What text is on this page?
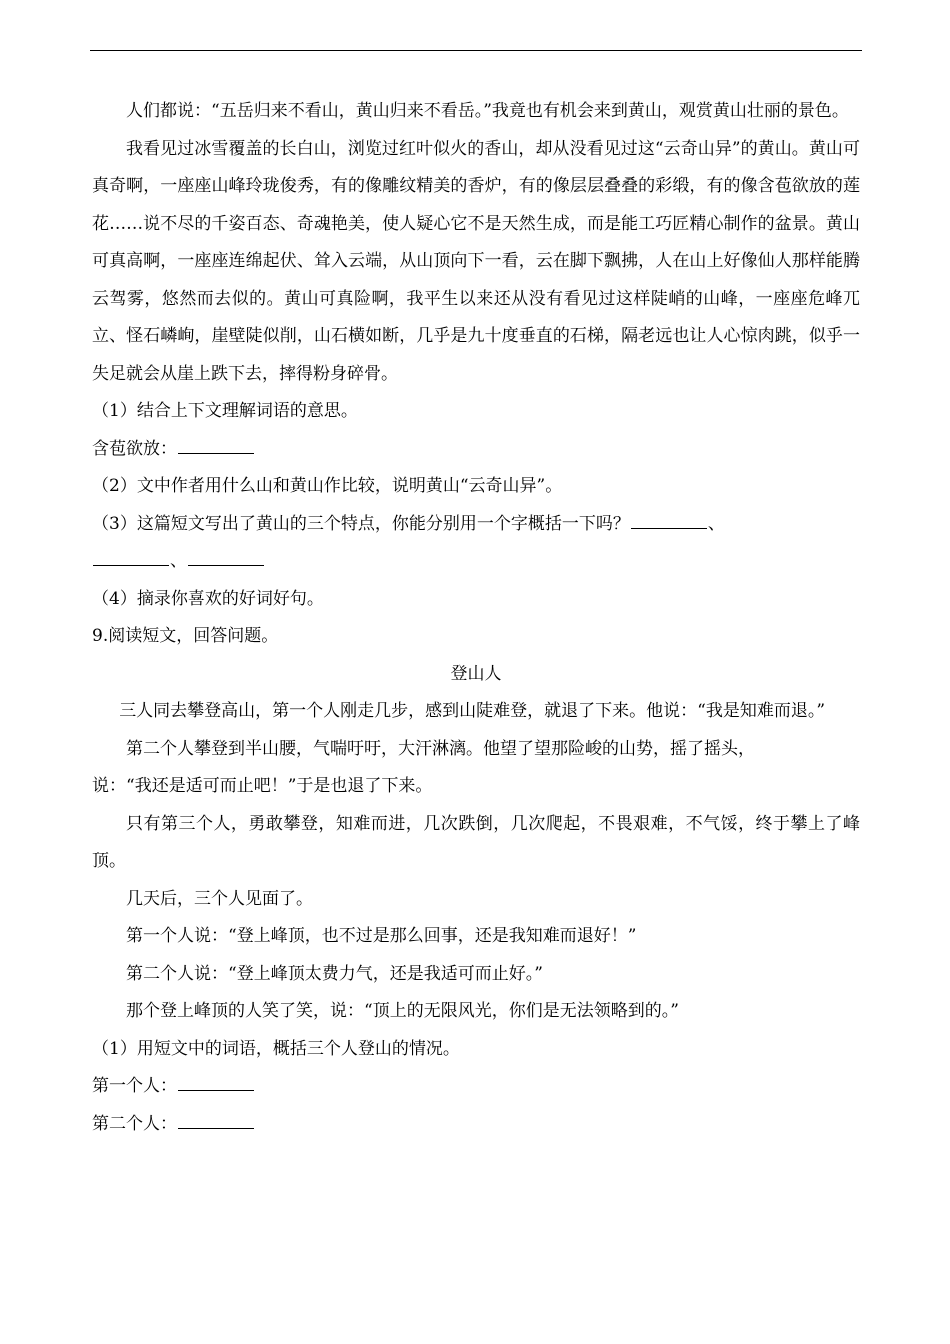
人们都说：“五岳归来不看山，黄山归来不看岳。”我竟也有机会来到黄山，观赏黄山壮丽的景色。

我看见过冰雪覆盖的长白山，浏览过红叶似火的香山，却从没看见过这“云奇山异”的黄山。黄山可真奇啊，一座座山峰玲珑俊秀，有的像雕纹精美的香炉，有的像层层叠叠的彩缎，有的像含苞欲放的莲花……说不尽的千姿百态、奇魂艳美，使人疑心它不是天然生成，而是能工巧匠精心制作的盆景。黄山可真高啊，一座座连绵起伏、耸入云端，从山顶向下一看，云在脚下飘拂，人在山上好像仙人那样能腾云驾雾，悠然而去似的。黄山可真险啊，我平生以来还从没有看见过这样陡峭的山峰，一座座危峰兀立、怪石嶙峋，崖壁陡似削，山石横如断，几乎是九十度垂直的石梯，隔老远也让人心惊肉跳，似乎一失足就会从崖上跌下去，摔得粉身碎骨。

（1）结合上下文理解词语的意思。

含苞欲放：

（2）文中作者用什么山和黄山作比较，说明黄山“云奇山异”。

（3）这篇短文写出了黄山的三个特点，你能分别用一个字概括一下吗？	、

、

（4）摘录你喜欢的好词好句。

9.阅读短文，回答问题。

登山人

三人同去攀登高山，第一个人刚走几步，感到山陡难登，就退了下来。他说：“我是知难而退。”

第二个人攀登到半山腰，气喘吁吁，大汗淋漓。他望了望那险峻的山势，摇了摇头，

说：“我还是适可而止吧！”于是也退了下来。

只有第三个人，勇敢攀登，知难而进，几次跌倒，几次爬起，不畏艰难，不气馁，终于攀上了峰顶。

几天后，三个人见面了。

第一个人说：“登上峰顶，也不过是那么回事，还是我知难而退好！”

第二个人说：“登上峰顶太费力气，还是我适可而止好。”

那个登上峰顶的人笑了笑，说：“顶上的无限风光，你们是无法领略到的。”

（1）用短文中的词语，概括三个人登山的情况。

第一个人：

第二个人：
